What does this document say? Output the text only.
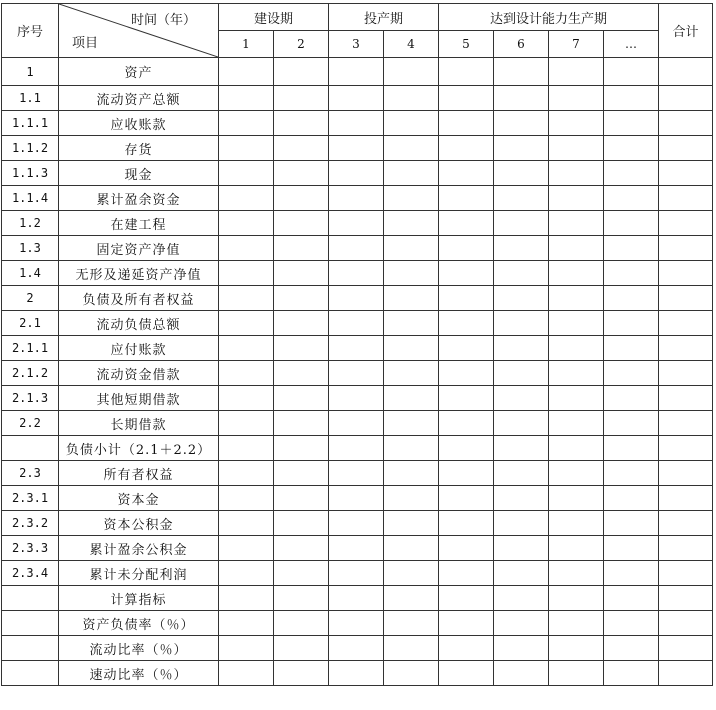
序号	时间（年）
项目	建设期		投产期		达到设计能力生产期				合计
		1	2	3	4	5	6	7	…	
1	资产									
1.1	流动资产总额									
1.1.1	应收账款									
1.1.2	存货									
1.1.3	现金									
1.1.4	累计盈余资金									
1.2	在建工程									
1.3	固定资产净值									
1.4	无形及递延资产净值									
2	负债及所有者权益									
2.1	流动负债总额									
2.1.1	应付账款									
2.1.2	流动资金借款									
2.1.3	其他短期借款									
2.2	长期借款									
	负债小计（2.1＋2.2）									
2.3	所有者权益									
2.3.1	资本金									
2.3.2	资本公积金									
2.3.3	累计盈余公积金									
2.3.4	累计未分配利润									
	计算指标									
	资产负债率（％）									
	流动比率（％）									
	速动比率（％）									
